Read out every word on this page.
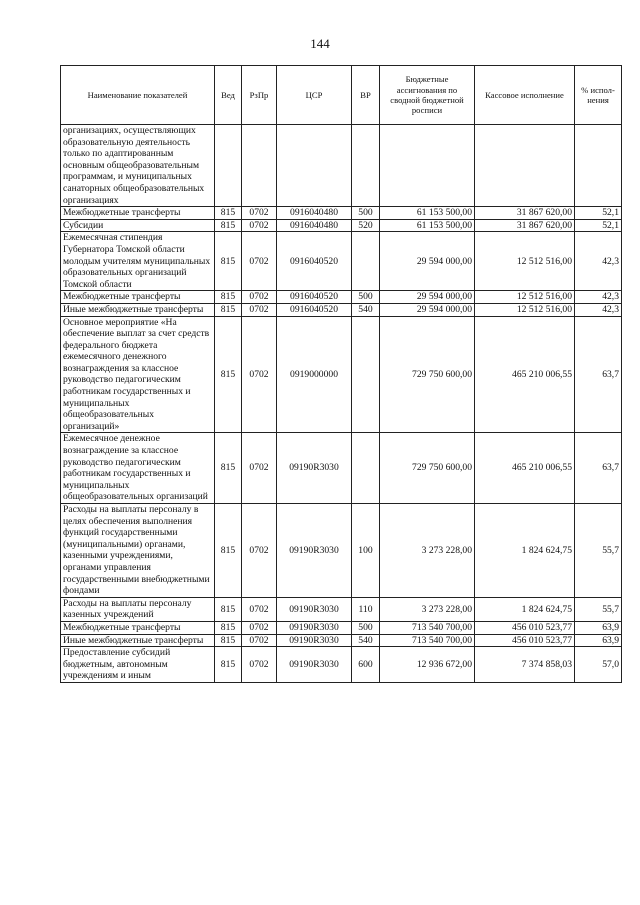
144
Наименование показателей	Вед	РзПр	ЦСР	ВР	Бюджетные ассигнования по сводной бюджетной росписи	Кассовое исполнение	% испол-нения
организациях, осуществляющих образовательную деятельность только по адаптированным основным общеобразовательным программам, и муниципальных санаторных общеобразовательных организациях							
Межбюджетные трансферты	815	0702	0916040480	500	61 153 500,00	31 867 620,00	52,1
Субсидии	815	0702	0916040480	520	61 153 500,00	31 867 620,00	52,1
Ежемесячная стипендия Губернатора Томской области молодым учителям муниципальных образовательных организаций Томской области	815	0702	0916040520		29 594 000,00	12 512 516,00	42,3
Межбюджетные трансферты	815	0702	0916040520	500	29 594 000,00	12 512 516,00	42,3
Иные межбюджетные трансферты	815	0702	0916040520	540	29 594 000,00	12 512 516,00	42,3
Основное мероприятие «На обеспечение выплат за счет средств федерального бюджета ежемесячного денежного вознаграждения за классное руководство педагогическим работникам государственных и муниципальных общеобразовательных организаций»	815	0702	0919000000		729 750 600,00	465 210 006,55	63,7
Ежемесячное денежное вознаграждение за классное руководство педагогическим работникам государственных и муниципальных общеобразовательных организаций	815	0702	09190R3030		729 750 600,00	465 210 006,55	63,7
Расходы на выплаты персоналу в целях обеспечения выполнения функций государственными (муниципальными) органами, казенными учреждениями, органами управления государственными внебюджетными фондами	815	0702	09190R3030	100	3 273 228,00	1 824 624,75	55,7
Расходы на выплаты персоналу казенных учреждений	815	0702	09190R3030	110	3 273 228,00	1 824 624,75	55,7
Межбюджетные трансферты	815	0702	09190R3030	500	713 540 700,00	456 010 523,77	63,9
Иные межбюджетные трансферты	815	0702	09190R3030	540	713 540 700,00	456 010 523,77	63,9
Предоставление субсидий бюджетным, автономным учреждениям и иным	815	0702	09190R3030	600	12 936 672,00	7 374 858,03	57,0
